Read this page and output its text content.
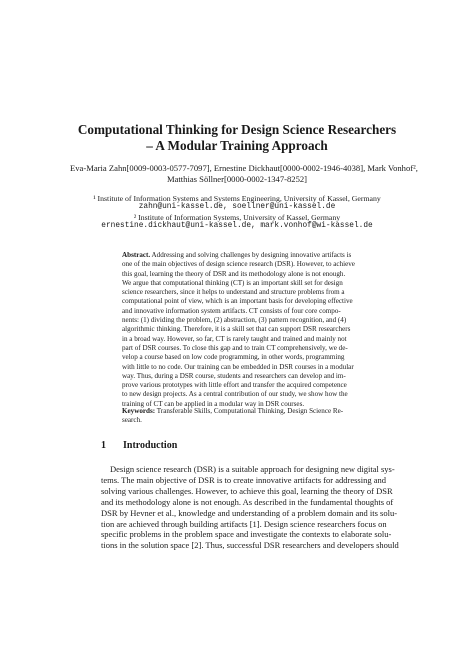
Computational Thinking for Design Science Researchers
– A Modular Training Approach
Eva-Maria Zahn[0009-0003-0577-7097], Ernestine Dickhaut[0000-0002-1946-4038], Mark Vonhof²,
Matthias Söllner[0000-0002-1347-8252]
¹ Institute of Information Systems and Systems Engineering, University of Kassel, Germany
zahn@uni-kassel.de, soellner@uni-kassel.de
² Institute of Information Systems, University of Kassel, Germany
ernestine.dickhaut@uni-kassel.de, mark.vonhof@wi-kassel.de
Abstract. Addressing and solving challenges by designing innovative artifacts is
one of the main objectives of design science research (DSR). However, to achieve
this goal, learning the theory of DSR and its methodology alone is not enough.
We argue that computational thinking (CT) is an important skill set for design
science researchers, since it helps to understand and structure problems from a
computational point of view, which is an important basis for developing effective
and innovative information system artifacts. CT consists of four core compo-
nents: (1) dividing the problem, (2) abstraction, (3) pattern recognition, and (4)
algorithmic thinking. Therefore, it is a skill set that can support DSR researchers
in a broad way. However, so far, CT is rarely taught and trained and mainly not
part of DSR courses. To close this gap and to train CT comprehensively, we de-
velop a course based on low code programming, in other words, programming
with little to no code. Our training can be embedded in DSR courses in a modular
way. Thus, during a DSR course, students and researchers can develop and im-
prove various prototypes with little effort and transfer the acquired competence
to new design projects. As a central contribution of our study, we show how the
training of CT can be applied in a modular way in DSR courses.
Keywords: Transferable Skills, Computational Thinking, Design Science Re-
search.
1 Introduction
Design science research (DSR) is a suitable approach for designing new digital sys-
tems. The main objective of DSR is to create innovative artifacts for addressing and
solving various challenges. However, to achieve this goal, learning the theory of DSR
and its methodology alone is not enough. As described in the fundamental thoughts of
DSR by Hevner et al., knowledge and understanding of a problem domain and its solu-
tion are achieved through building artifacts [1]. Design science researchers focus on
specific problems in the problem space and investigate the contexts to elaborate solu-
tions in the solution space [2]. Thus, successful DSR researchers and developers should
